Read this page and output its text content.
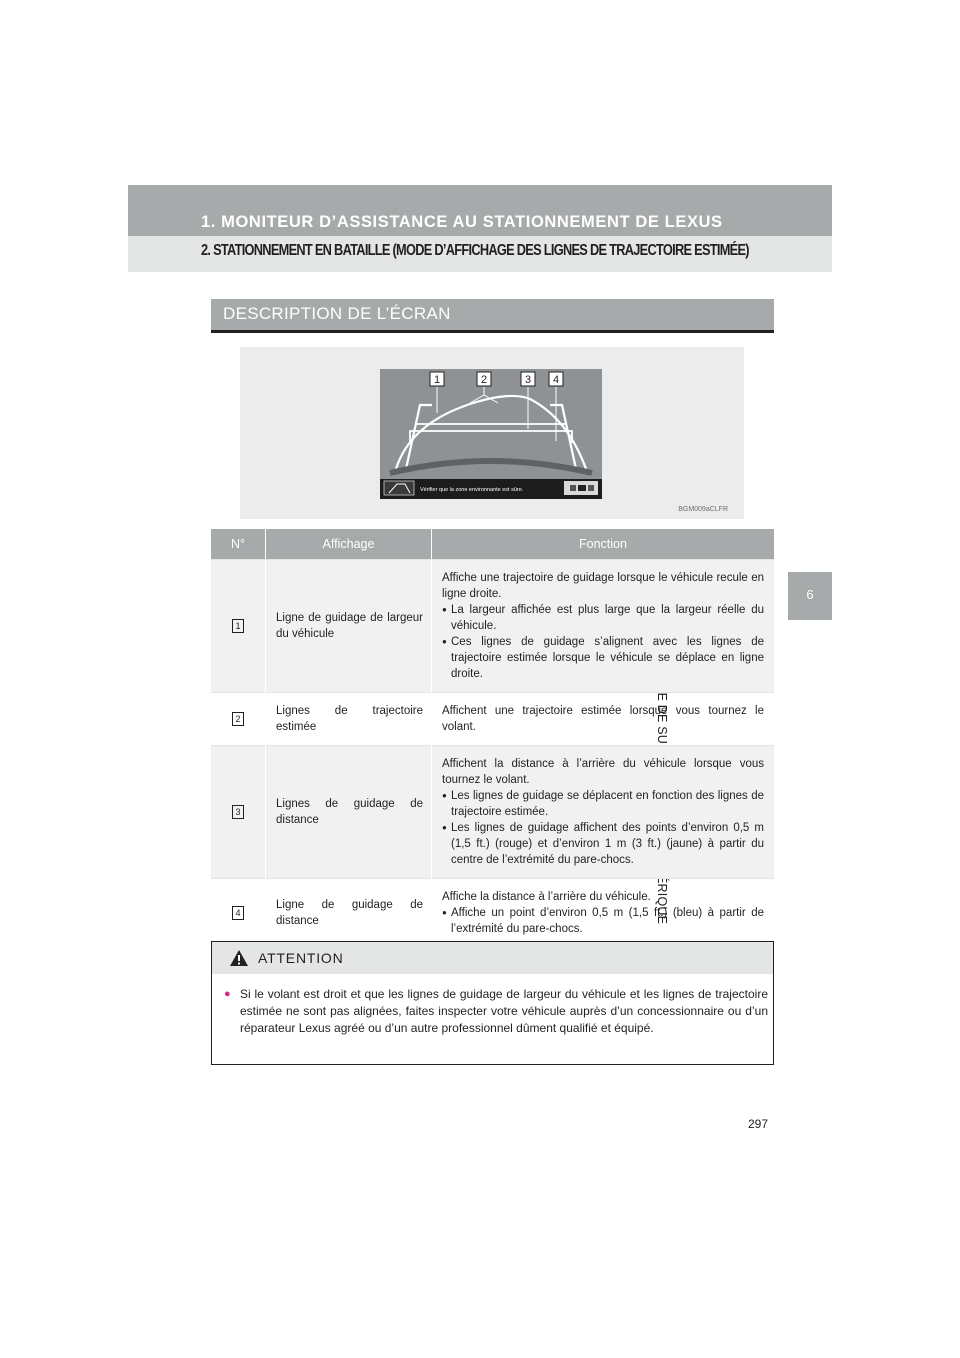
1. MONITEUR D’ASSISTANCE AU STATIONNEMENT DE LEXUS
2. STATIONNEMENT EN BATAILLE (MODE D’AFFICHAGE DES LIGNES DE TRAJECTOIRE ESTIMÉE)
6
DESCRIPTION DE L’ÉCRAN
1	2	3 4
Vérifier que la zone environnante est sûre.
BGM009aCLFR
N°	Affichage	Fonction
1	Ligne de guidage de largeur du véhicule	Affiche une trajectoire de guidage lorsque le véhicule recule en ligne droite.

● La largeur affichée est plus large que la largeur réelle du véhicule.

● Ces lignes de guidage s’alignent avec les lignes de trajectoire estimée lorsque le véhicule se déplace en ligne droite.

2	Lignes de trajectoire estimée	Affichent une trajectoire estimée lorsque vous tournez le volant.

3	Lignes de guidage de distance	Affichent la distance à l’arrière du véhicule lorsque vous tournez le volant.

● Les lignes de guidage se déplacent en fonction des lignes de trajectoire estimée.

● Les lignes de guidage affichent des points d’environ 0,5 m (1,5 ft.) (rouge) et d’environ 1 m (3 ft.) (jaune) à partir du centre de l’extrémité du pare-chocs.

4	Ligne de guidage de distance	Affiche la distance à l’arrière du véhicule.

● Affiche un point d’environ 0,5 m (1,5 ft.) (bleu) à partir de l’extrémité du pare-chocs.

ATTENTION
● Si le volant est droit et que les lignes de guidage de largeur du véhicule et les lignes de trajectoire estimée ne sont pas alignées, faites inspecter votre véhicule auprès d’un concessionnaire ou d’un réparateur Lexus agréé ou d’un autre professionnel dûment qualifié et équipé.

297
